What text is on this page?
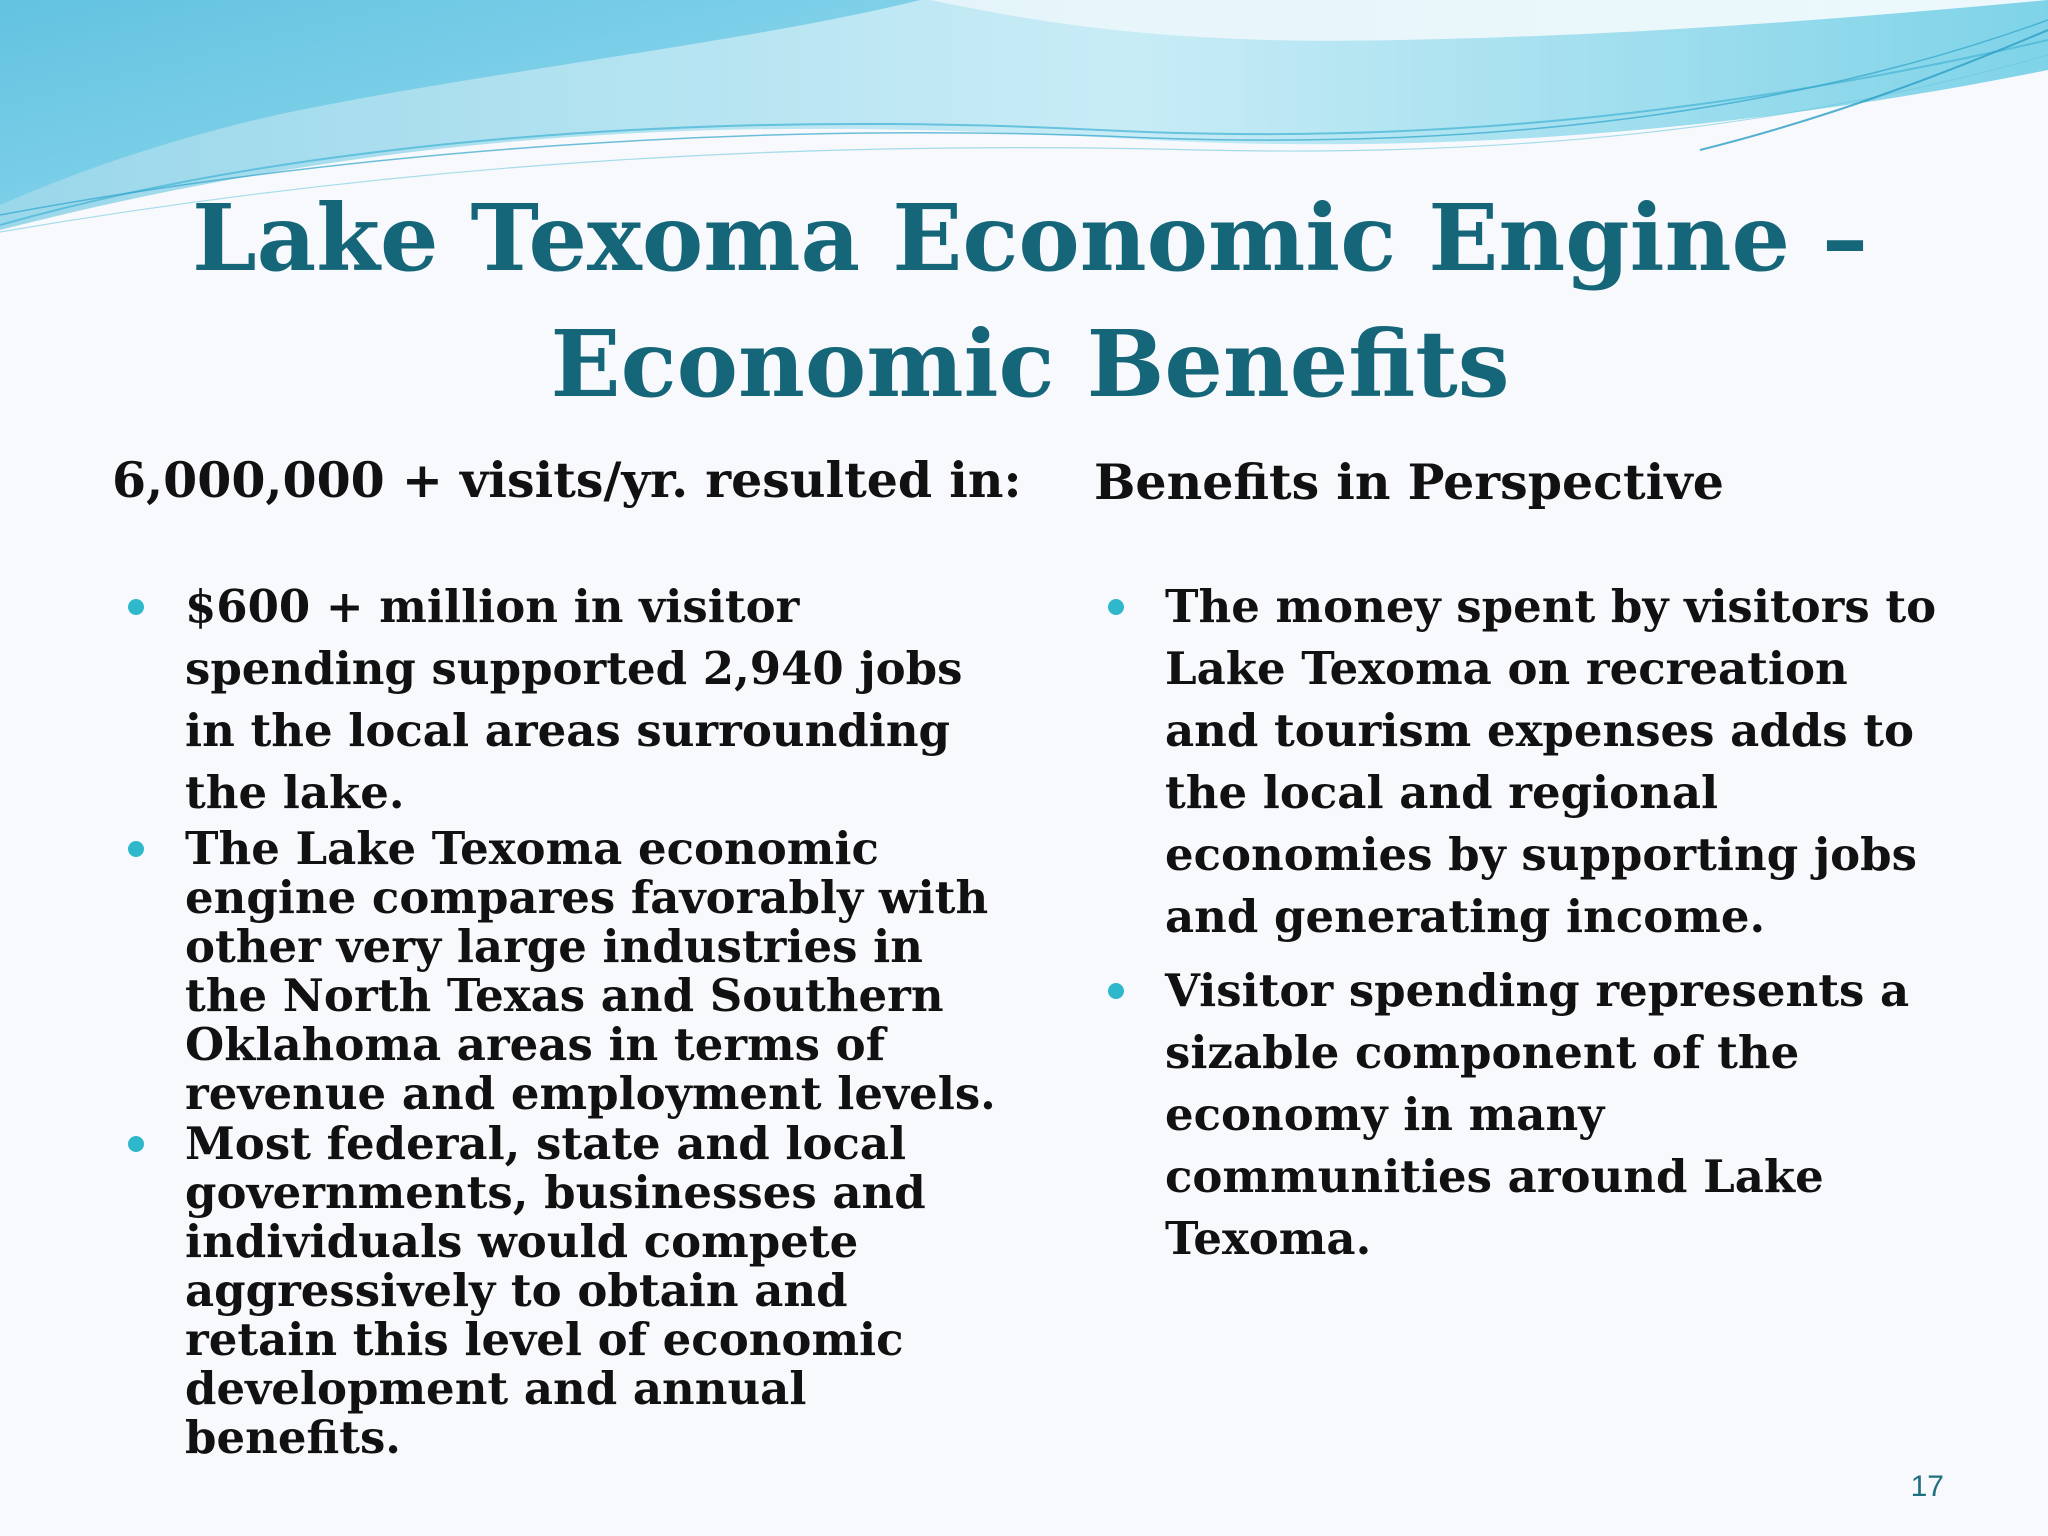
Lake Texoma Economic Engine –
Economic Benefits
6,000,000 + visits/yr. resulted in:
$600 + million in visitor spending supported 2,940 jobs in the local areas surrounding the lake.
The Lake Texoma economic engine compares favorably with other very large industries in the North Texas and Southern Oklahoma areas in terms of revenue and employment levels.
Most federal, state and local governments, businesses and individuals would compete aggressively to obtain and retain this level of economic development and annual benefits.
Benefits in Perspective
The money spent by visitors to Lake Texoma on recreation and tourism expenses adds to the local and regional economies by supporting jobs and generating income.
Visitor spending represents a sizable component of the economy in many communities around Lake Texoma.
17
